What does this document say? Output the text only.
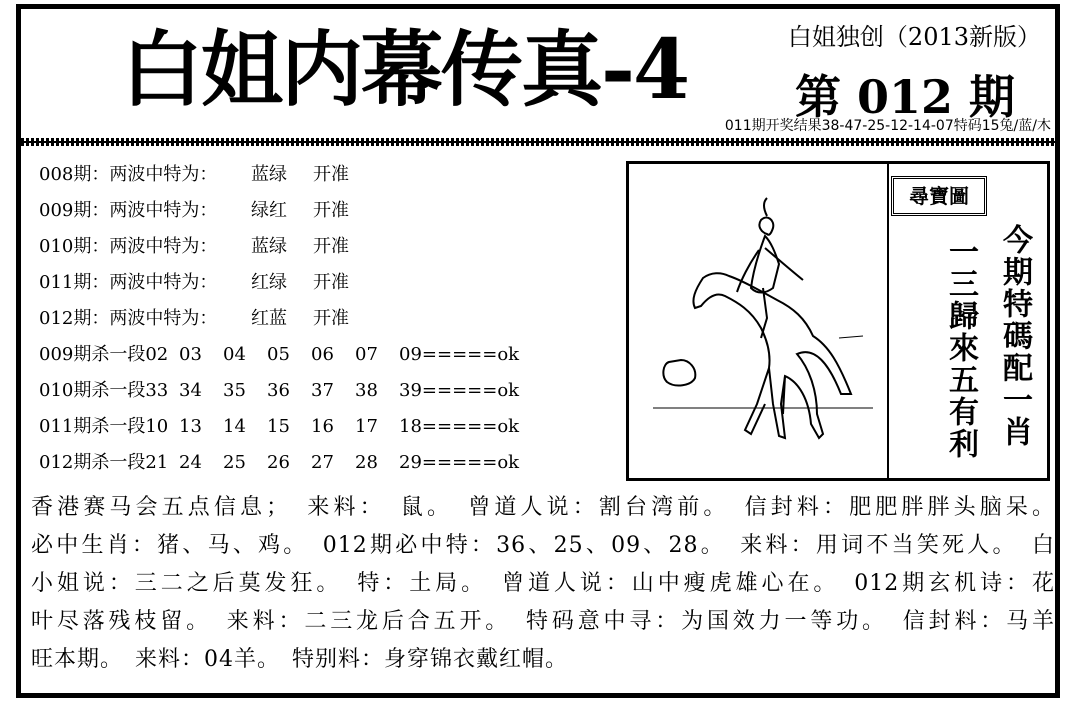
白姐内幕传真-4	白姐独创（2013新版）
第 012 期
011期开奖结果38-47-25-12-14-07特码15兔/蓝/木
008期：两波中特为： 蓝绿 开准
009期：两波中特为： 绿红 开准
010期：两波中特为： 蓝绿 开准
011期：两波中特为： 红绿 开准
012期：两波中特为： 红蓝 开准
009期杀一段02 03 04 05 06 07 09=====ok
010期杀一段33 34 35 36 37 38 39=====ok
011期杀一段10 13 14 15 16 17 18=====ok
012期杀一段21 24 25 26 27 28 29=====ok
尋寶圖
今期特碼配一肖
一三歸來五有利

香港赛马会五点信息；　来料：　鼠。　曾道人说：割台湾前。　信封料：肥肥胖胖头脑呆。

必中生肖：猪、马、鸡。　012期必中特：36、25、09、28。　来料：用词不当笑死人。　白

小姐说：三二之后莫发狂。　特：土局。　曾道人说：山中瘦虎雄心在。　012期玄机诗：花

叶尽落残枝留。　来料：二三龙后合五开。　特码意中寻：为国效力一等功。　信封料：马羊

旺本期。　来料：04羊。　特别料：身穿锦衣戴红帽。
